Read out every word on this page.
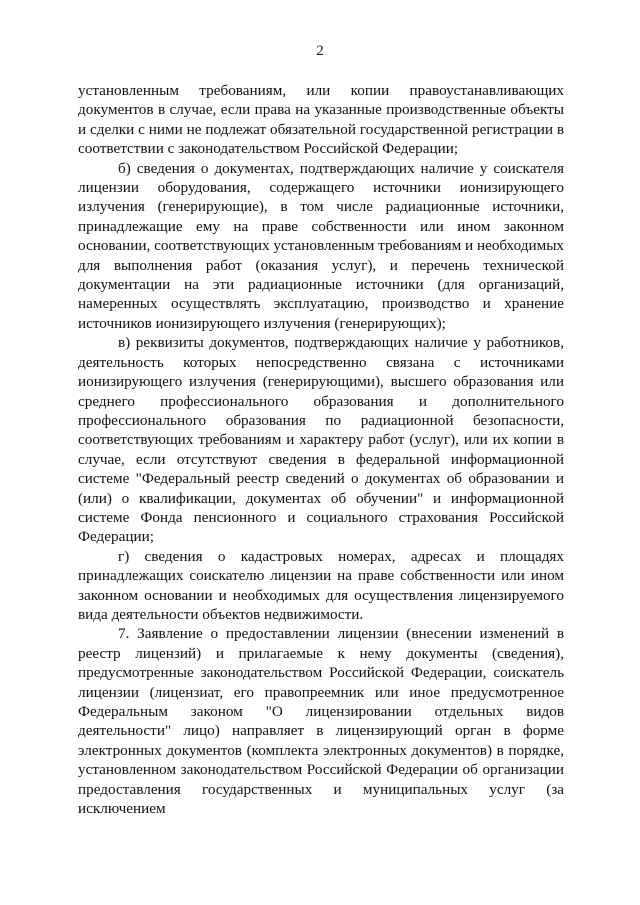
2

установленным требованиям, или копии правоустанавливающих документов в случае, если права на указанные производственные объекты и сделки с ними не подлежат обязательной государственной регистрации в соответствии с законодательством Российской Федерации;

б) сведения о документах, подтверждающих наличие у соискателя лицензии оборудования, содержащего источники ионизирующего излучения (генерирующие), в том числе радиационные источники, принадлежащие ему на праве собственности или ином законном основании, соответствующих установленным требованиям и необходимых для выполнения работ (оказания услуг), и перечень технической документации на эти радиационные источники (для организаций, намеренных осуществлять эксплуатацию, производство и хранение источников ионизирующего излучения (генерирующих);

в) реквизиты документов, подтверждающих наличие у работников, деятельность которых непосредственно связана с источниками ионизирующего излучения (генерирующими), высшего образования или среднего профессионального образования и дополнительного профессионального образования по радиационной безопасности, соответствующих требованиям и характеру работ (услуг), или их копии в случае, если отсутствуют сведения в федеральной информационной системе "Федеральный реестр сведений о документах об образовании и (или) о квалификации, документах об обучении" и информационной системе Фонда пенсионного и социального страхования Российской Федерации;

г) сведения о кадастровых номерах, адресах и площадях принадлежащих соискателю лицензии на праве собственности или ином законном основании и необходимых для осуществления лицензируемого вида деятельности объектов недвижимости.

7. Заявление о предоставлении лицензии (внесении изменений в реестр лицензий) и прилагаемые к нему документы (сведения), предусмотренные законодательством Российской Федерации, соискатель лицензии (лицензиат, его правопреемник или иное предусмотренное Федеральным законом "О лицензировании отдельных видов деятельности" лицо) направляет в лицензирующий орган в форме электронных документов (комплекта электронных документов) в порядке, установленном законодательством Российской Федерации об организации предоставления государственных и муниципальных услуг (за исключением
